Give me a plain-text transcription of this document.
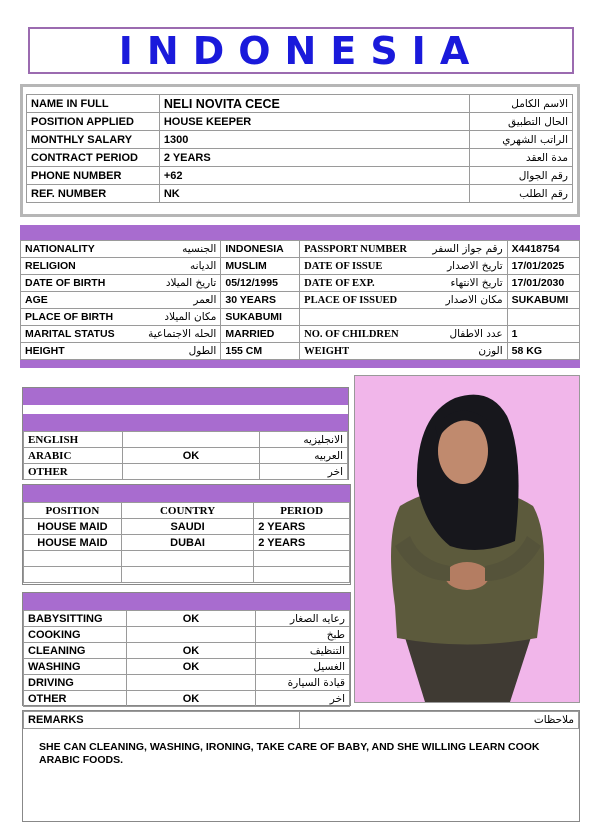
INDONESIA
NAME IN FULL	NELI NOVITA CECE	الاسم الكامل
POSITION APPLIED	HOUSE KEEPER	الحال التطبيق
MONTHLY SALARY	1300	الراتب الشهري
CONTRACT PERIOD	2 YEARS	مدة العقد
PHONE NUMBER	+62	رقم الجوال
REF. NUMBER	NK	رقم الطلب
NATIONALITY	الجنسيه	INDONESIA	PASSPORT NUMBER	رقم جواز السفر	X4418754
RELIGION	الديانه	MUSLIM	DATE OF ISSUE	تاريخ الاصدار	17/01/2025
DATE OF BIRTH	تاريخ الميلاد	05/12/1995	DATE OF EXP.	تاريخ الانتهاء	17/01/2030
AGE	العمر	30 YEARS	PLACE OF ISSUED	مكان الاصدار	SUKABUMI
PLACE OF BIRTH	مكان الميلاد	SUKABUMI			
MARITAL STATUS	الحله الاجتماعية	MARRIED	NO. OF CHILDREN	عدد الاطفال	1
HEIGHT	الطول	155 CM	WEIGHT	الوزن	58 KG
ENGLISH		الانجليزيه
ARABIC	OK	العربيه
OTHER		اخر
POSITION	COUNTRY	PERIOD
HOUSE MAID	SAUDI	2 YEARS
HOUSE MAID	DUBAI	2 YEARS

BABYSITTING	OK	رعايه الصغار
COOKING		طبخ
CLEANING	OK	التنظيف
WASHING	OK	الغسيل
DRIVING		قيادة السيارة
OTHER	OK	اخر
REMARKS	ملاحظات
SHE CAN CLEANING, WASHING, IRONING, TAKE CARE OF BABY, AND SHE WILLING LEARN COOK ARABIC FOODS.
